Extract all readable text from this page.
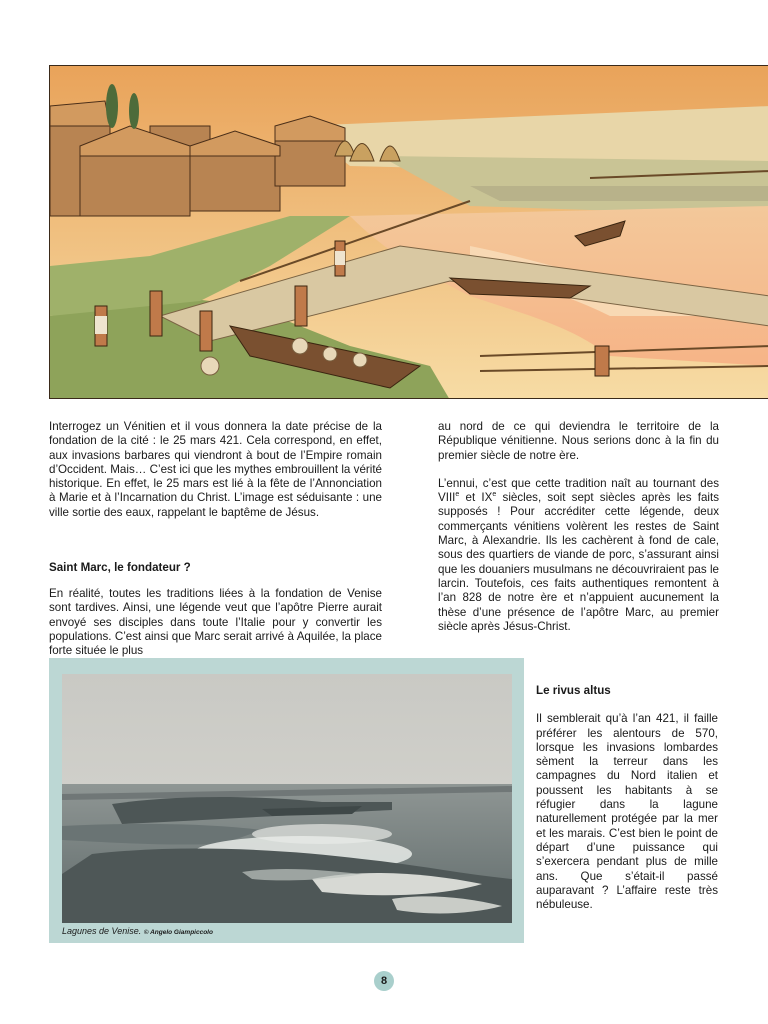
Interrogez un Vénitien et il vous donnera la date précise de la fondation de la cité : le 25 mars 421. Cela correspond, en effet, aux invasions barbares qui viendront à bout de l’Empire romain d’Occident. Mais… C’est ici que les mythes embrouillent la vérité historique. En effet, le 25 mars est lié à la fête de l’Annonciation à Marie et à l’Incarnation du Christ. L’image est séduisante : une ville sortie des eaux, rappelant le baptême de Jésus.

Saint Marc, le fondateur ?
En réalité, toutes les traditions liées à la fondation de Venise sont tardives. Ainsi, une légende veut que l’apôtre Pierre aurait envoyé ses disciples dans toute l’Italie pour y convertir les populations. C’est ainsi que Marc serait arrivé à Aquilée, la place forte située le plus

au nord de ce qui deviendra le territoire de la République vénitienne. Nous serions donc à la fin du premier siècle de notre ère.

L’ennui, c’est que cette tradition naît au tournant des VIIIe et IXe siècles, soit sept siècles après les faits supposés ! Pour accréditer cette légende, deux commerçants vénitiens volèrent les restes de Saint Marc, à Alexandrie. Ils les cachèrent à fond de cale, sous des quartiers de viande de porc, s’assurant ainsi que les douaniers musulmans ne découvriraient pas le larcin. Toutefois, ces faits authentiques remontent à l’an 828 de notre ère et n’appuient aucunement la thèse d’une présence de l’apôtre Marc, au premier siècle après Jésus-Christ.

Lagunes de Venise. © Angelo Giampiccolo
Le rivus altus

Il semblerait qu’à l’an 421, il faille préférer les alentours de 570, lorsque les invasions lombardes sèment la terreur dans les campagnes du Nord italien et poussent les habitants à se réfugier dans la lagune naturellement protégée par la mer et les marais. C’est bien le point de départ d’une puissance qui s’exercera pendant plus de mille ans. Que s’était-il passé auparavant ? L’affaire reste très nébuleuse.

8
